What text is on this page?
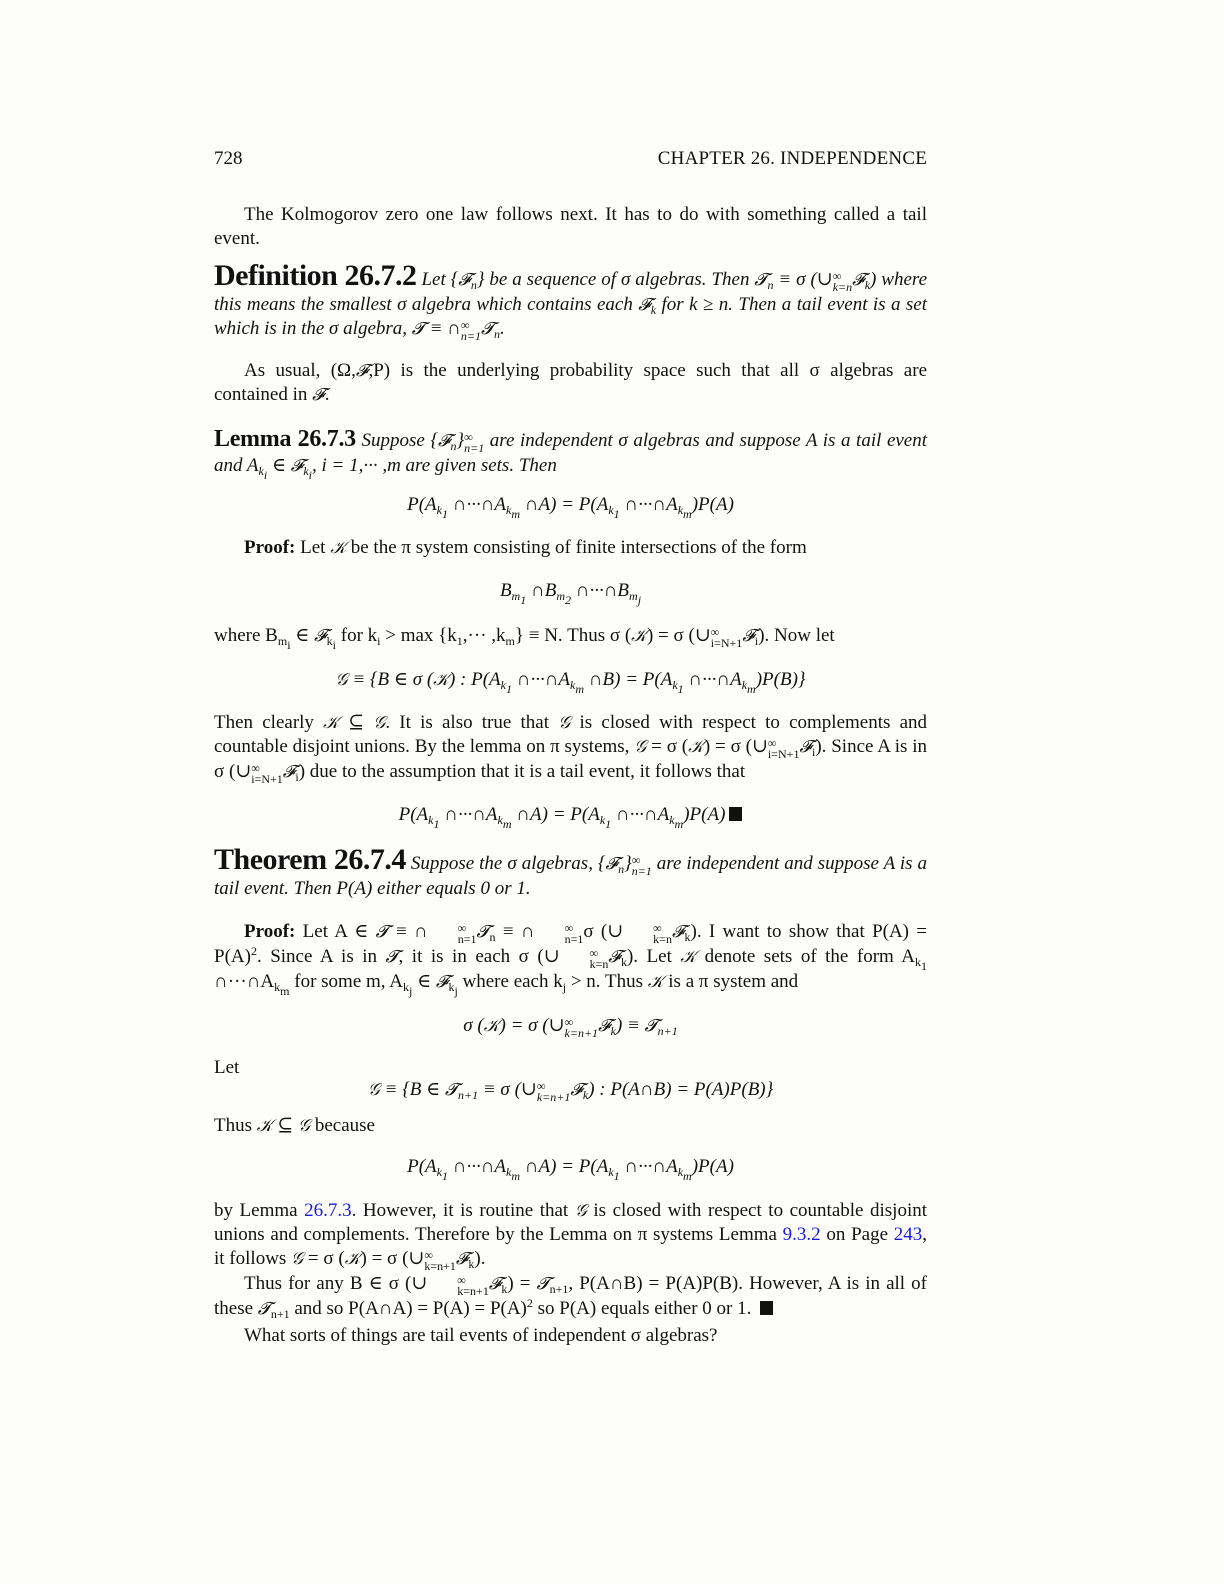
728	CHAPTER 26. INDEPENDENCE
The Kolmogorov zero one law follows next. It has to do with something called a tail event.
Definition 26.7.2 Let {𝓕$_n$} be a sequence of σ algebras. Then 𝓣$_n$ ≡ σ (∪ ∞
k=n 𝓕$_k$) where this means the smallest σ algebra which contains each 𝓕$_k$ for k ≥ n. Then a tail event is a set which is in the σ algebra, 𝓣 ≡ ∩ ∞
n=1 𝓣$_n$.
As usual, (Ω,𝓕,P) is the underlying probability space such that all σ algebras are contained in 𝓕.
Lemma 26.7.3 Suppose {𝓕$_n$} ∞
n=1 are independent σ algebras and suppose A is a tail event and $A_{k_i}$ ∈ 𝓕$_{k_i}$, i = 1,··· ,m are given sets. Then
$P(A_{k_1}$ $\cap\cdot\cdot\cdot\cap A_{k_m}$ ∩A) = $P(A_{k_1}$ $\cap\cdot\cdot\cdot\cap A_{k_m})P(A)$
Proof: Let 𝒦 be the π system consisting of finite intersections of the form
$B_{m_1}$ $\cap B_{m_2}$ $\cap\cdot\cdot\cdot\cap B_{m_j}$
where $B_{m_i}$ ∈ 𝓕$_{k_i}$ for $k_i > \max \{k_1,\cdot\cdot\cdot ,k_m\} \equiv N$. Thus σ (𝒦) = σ (∪ ∞
i=N+1 𝓕$_i$). Now let
𝒢 ≡ {B ∈ σ (𝒦) : $P(A_{k_1}$ $\cap\cdot\cdot\cdot\cap A_{k_m}$ ∩B) = $P(A_{k_1}$ $\cap\cdot\cdot\cdot\cap A_{k_m})P(B)$}
Then clearly 𝒦 ⊆ 𝒢. It is also true that 𝒢 is closed with respect to complements and countable disjoint unions. By the lemma on π systems, 𝒢 = σ (𝒦) = σ (∪ ∞
i=N+1 𝓕$_i$). Since A is in σ (∪ ∞
i=N+1 𝓕$_i$) due to the assumption that it is a tail event, it follows that
$P(A_{k_1}$ $\cap\cdot\cdot\cdot\cap A_{k_m}$ ∩A) = $P(A_{k_1}$ $\cap\cdot\cdot\cdot\cap A_{k_m})P(A)$
Theorem 26.7.4 Suppose the σ algebras, {𝓕$_n$} ∞
n=1 are independent and suppose A is a tail event. Then P(A) either equals 0 or 1.
Proof: Let A ∈ 𝓣 ≡ ∩	∞
n=1 𝓣$_n$ ≡ ∩	∞
n=1 σ (∪	∞
k=n 𝓕$_k$). I want to show that $P(A) = P(A)^2$. Since A is in 𝓣, it is in each σ (∪	∞
k=n 𝓕$_k$). Let 𝒦 denote sets of the form $A_{k_1}$ $\cap\cdot\cdot\cdot\cap A_{k_m}$ for some m, $A_{k_j}$ ∈ 𝓕$_{k_j}$ where each $k_j > n$. Thus 𝒦 is a π system and
σ (𝒦) = σ (∪ ∞
k=n+1 𝓕$_k$) ≡ 𝓣$_{n+1}$
Let
𝒢 ≡ {B ∈ 𝓣$_{n+1}$ ≡ σ (∪ ∞
k=n+1 𝓕$_k$) : P(A∩B) = P(A)P(B)}
Thus 𝒦 ⊆ 𝒢 because
$P(A_{k_1}$ $\cap\cdot\cdot\cdot\cap A_{k_m}$ ∩A) = $P(A_{k_1}$ $\cap\cdot\cdot\cdot\cap A_{k_m})P(A)$
by Lemma 26.7.3. However, it is routine that 𝒢 is closed with respect to countable disjoint unions and complements. Therefore by the Lemma on π systems Lemma 9.3.2 on Page 243, it follows 𝒢 = σ (𝒦) = σ (∪ ∞
k=n+1 𝓕$_k$).
Thus for any B ∈ σ (∪	∞
k=n+1 𝓕$_k$) = 𝓣$_{n+1}$, P(A∩B) = P(A)P(B). However, A is in all of these 𝓣$_{n+1}$ and so P(A∩A) = $P(A) = P(A)^2$ so P(A) equals either 0 or 1.
What sorts of things are tail events of independent σ algebras?
